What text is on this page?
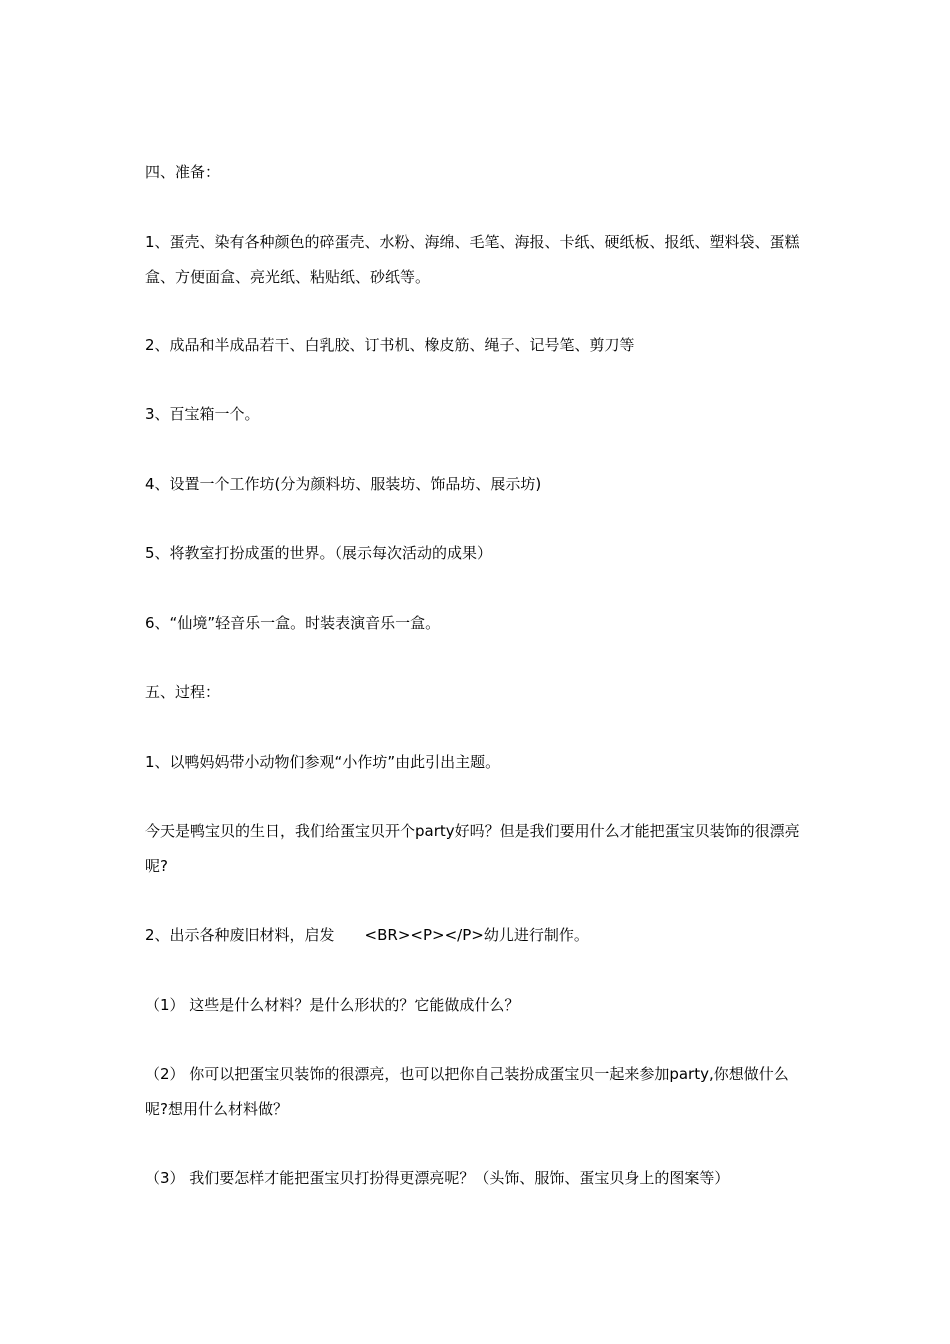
四、准备：
1、蛋壳、染有各种颜色的碎蛋壳、水粉、海绵、毛笔、海报、卡纸、硬纸板、报纸、塑料袋、蛋糕盒、方便面盒、亮光纸、粘贴纸、砂纸等。
2、成品和半成品若干、白乳胶、订书机、橡皮筋、绳子、记号笔、剪刀等
3、百宝箱一个。
4、设置一个工作坊(分为颜料坊、服装坊、饰品坊、展示坊)
5、将教室打扮成蛋的世界。（展示每次活动的成果）
6、“仙境”轻音乐一盒。时装表演音乐一盒。
五、过程：
1、以鸭妈妈带小动物们参观“小作坊”由此引出主题。
今天是鸭宝贝的生日，我们给蛋宝贝开个party好吗？但是我们要用什么才能把蛋宝贝装饰的很漂亮呢?
2、出示各种废旧材料，启发　　<BR><P></P>幼儿进行制作。
（1） 这些是什么材料？是什么形状的？它能做成什么？
（2） 你可以把蛋宝贝装饰的很漂亮，也可以把你自己装扮成蛋宝贝一起来参加party,你想做什么呢?想用什么材料做？
（3） 我们要怎样才能把蛋宝贝打扮得更漂亮呢？（头饰、服饰、蛋宝贝身上的图案等）
